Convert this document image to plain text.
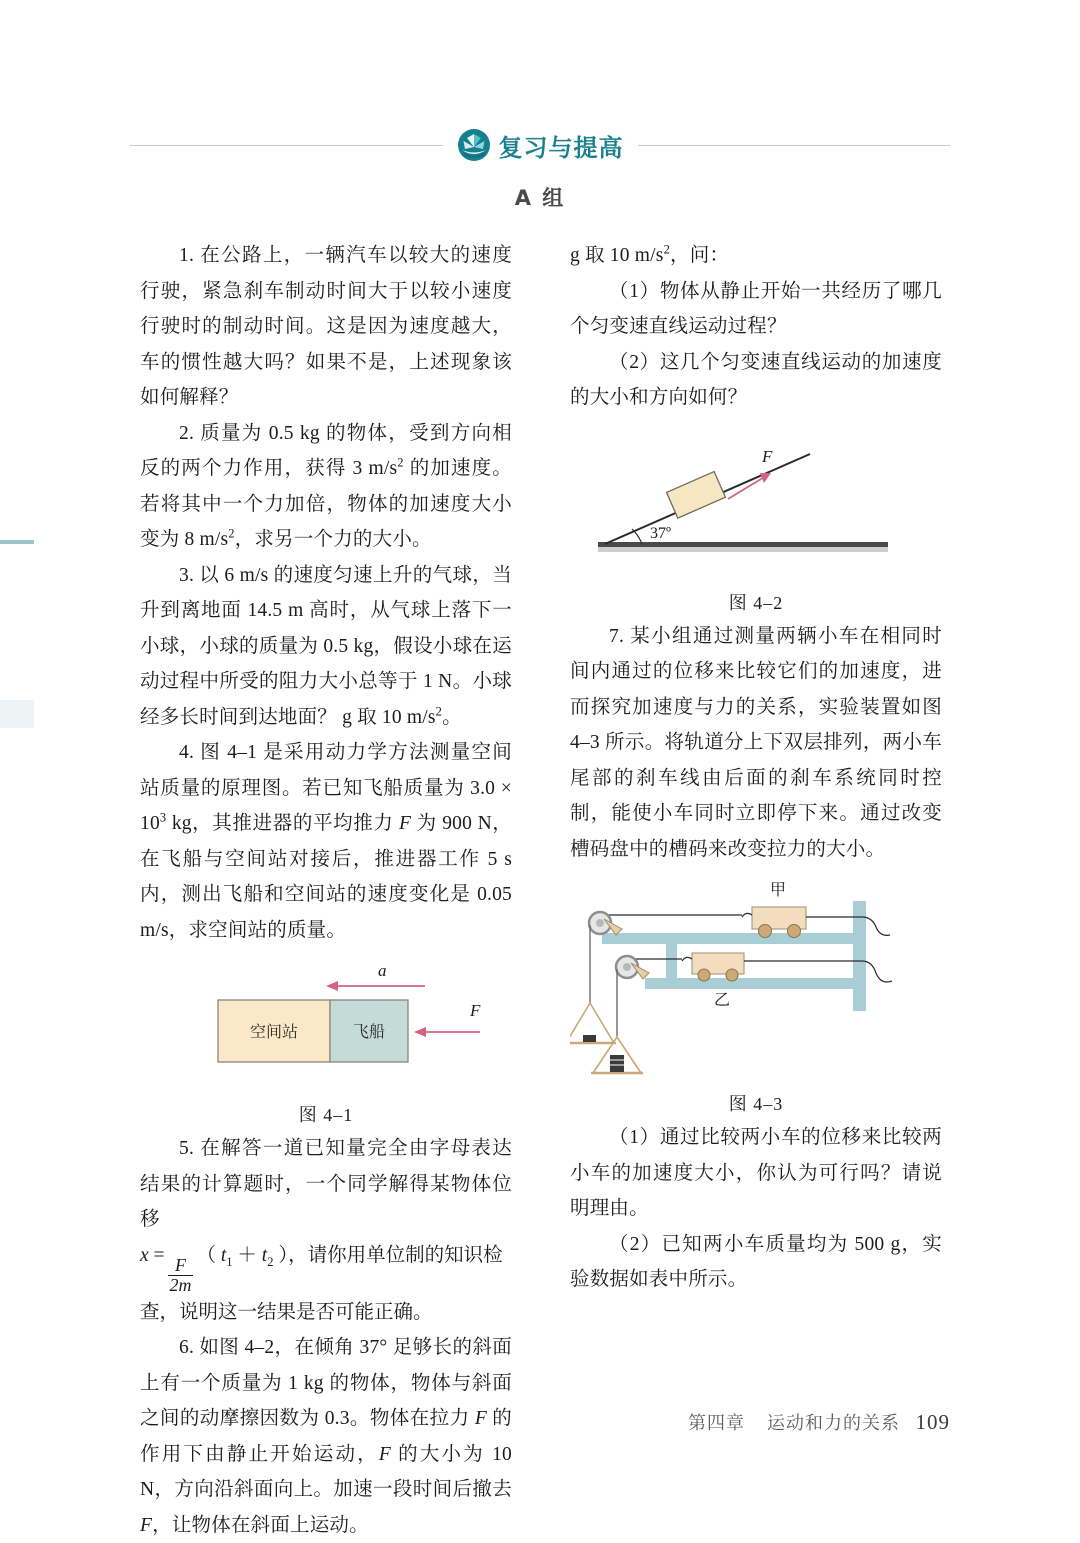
复习与提高
A 组

1. 在公路上，一辆汽车以较大的速度行驶，紧急刹车制动时间大于以较小速度行驶时的制动时间。这是因为速度越大，车的惯性越大吗？如果不是，上述现象该如何解释？

2. 质量为 0.5 kg 的物体，受到方向相反的两个力作用，获得 3 $m/s^2$ 的加速度。若将其中一个力加倍，物体的加速度大小变为 8 $m/s^2$，求另一个力的大小。

3. 以 6 m/s 的速度匀速上升的气球，当升到离地面 14.5 m 高时，从气球上落下一小球，小球的质量为 0.5 kg，假设小球在运动过程中所受的阻力大小总等于 1 N。小球经多长时间到达地面？ g 取 10 $m/s^2$。

4. 图 4–1 是采用动力学方法测量空间站质量的原理图。若已知飞船质量为 $3.0 \times 10^3$ kg，其推进器的平均推力 F 为 900 N，在飞船与空间站对接后，推进器工作 5 s 内，测出飞船和空间站的速度变化是 0.05 m/s，求空间站的质量。

a
空间站	飞船
F
图 4–1

5. 在解答一道已知量完全由字母表达结果的计算题时，一个同学解得某物体位移

x =
$\frac{F}{2m}$
（ $t_1 + t_2$ ），请你用单位制的知识检查，说明这一结果是否可能正确。

6. 如图 4–2，在倾角 37° 足够长的斜面上有一个质量为 1 kg 的物体，物体与斜面之间的动摩擦因数为 0.3。物体在拉力 F 的作用下由静止开始运动，F 的大小为 10 N，方向沿斜面向上。加速一段时间后撤去 F，让物体在斜面上运动。

g 取 10 $m/s^2$，问：

（1）物体从静止开始一共经历了哪几个匀变速直线运动过程？

（2）这几个匀变速直线运动的加速度的大小和方向如何？

37º
F
图 4–2

7. 某小组通过测量两辆小车在相同时间内通过的位移来比较它们的加速度，进而探究加速度与力的关系，实验装置如图 4–3 所示。将轨道分上下双层排列，两小车尾部的刹车线由后面的刹车系统同时控制，能使小车同时立即停下来。通过改变槽码盘中的槽码来改变拉力的大小。

甲
乙
图 4–3

（1）通过比较两小车的位移来比较两小车的加速度大小，你认为可行吗？请说明理由。

（2）已知两小车质量均为 500 g，实验数据如表中所示。

第四章 运动和力的关系 109
